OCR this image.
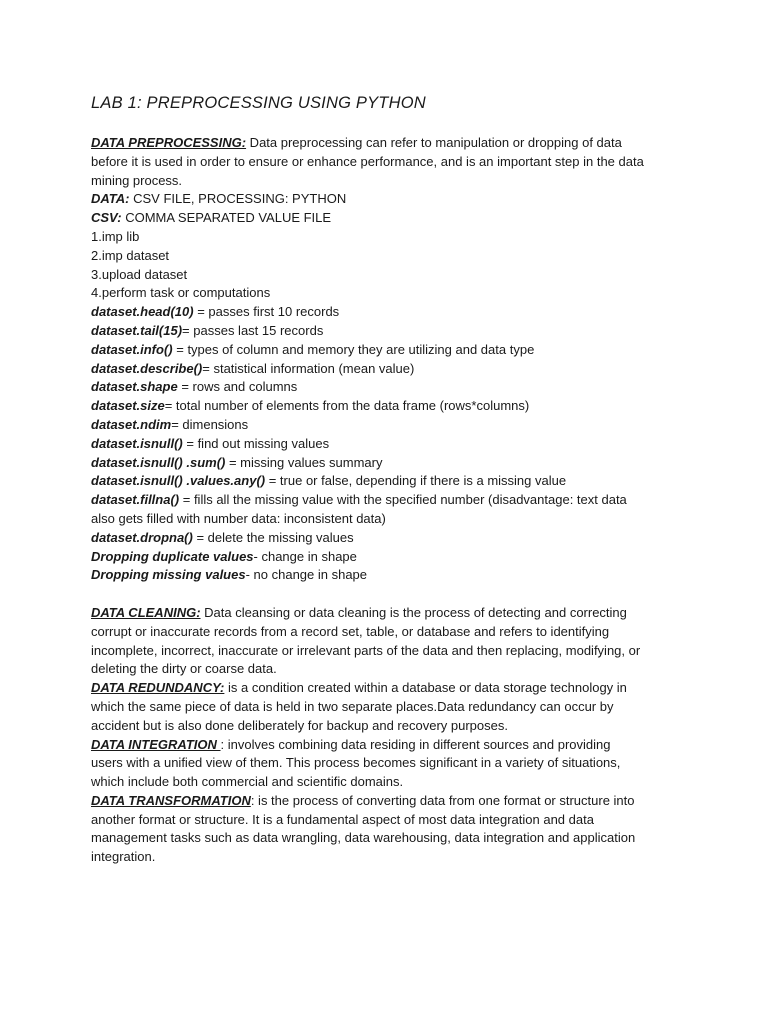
LAB 1: PREPROCESSING USING PYTHON
DATA PREPROCESSING: Data preprocessing can refer to manipulation or dropping of data
before it is used in order to ensure or enhance performance, and is an important step in the data
mining process.
DATA: CSV FILE, PROCESSING: PYTHON
CSV: COMMA SEPARATED VALUE FILE
1.imp lib
2.imp dataset
3.upload dataset
4.perform task or computations
dataset.head(10) = passes first 10 records
dataset.tail(15)= passes last 15 records
dataset.info() = types of column and memory they are utilizing and data type
dataset.describe()= statistical information (mean value)
dataset.shape = rows and columns
dataset.size= total number of elements from the data frame (rows*columns)
dataset.ndim= dimensions
dataset.isnull() = find out missing values
dataset.isnull() .sum() = missing values summary
dataset.isnull() .values.any() = true or false, depending if there is a missing value
dataset.fillna() = fills all the missing value with the specified number (disadvantage: text data
also gets filled with number data: inconsistent data)
dataset.dropna() = delete the missing values
Dropping duplicate values- change in shape
Dropping missing values- no change in shape
DATA CLEANING: Data cleansing or data cleaning is the process of detecting and correcting
corrupt or inaccurate records from a record set, table, or database and refers to identifying
incomplete, incorrect, inaccurate or irrelevant parts of the data and then replacing, modifying, or
deleting the dirty or coarse data.
DATA REDUNDANCY: is a condition created within a database or data storage technology in
which the same piece of data is held in two separate places.Data redundancy can occur by
accident but is also done deliberately for backup and recovery purposes.
DATA INTEGRATION : involves combining data residing in different sources and providing
users with a unified view of them. This process becomes significant in a variety of situations,
which include both commercial and scientific domains.
DATA TRANSFORMATION: is the process of converting data from one format or structure into
another format or structure. It is a fundamental aspect of most data integration and data
management tasks such as data wrangling, data warehousing, data integration and application
integration.
